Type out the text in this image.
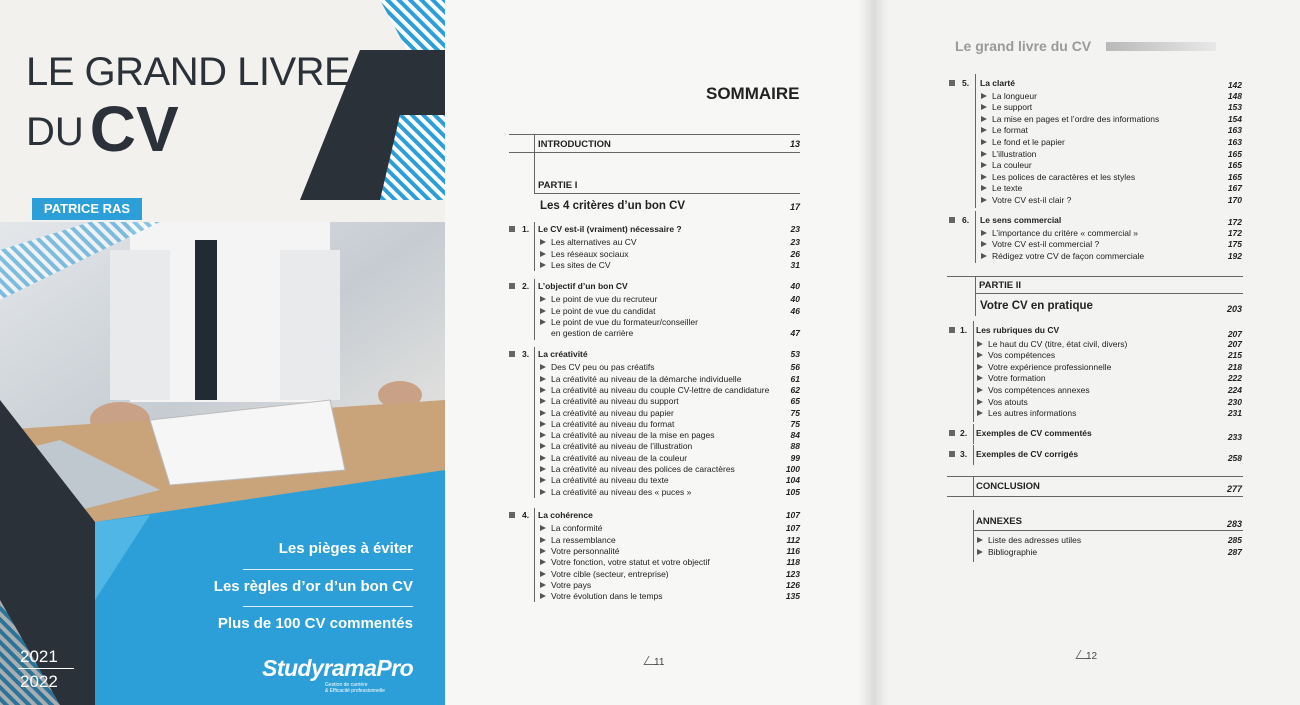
LE GRAND LIVRE
DUCV
PATRICE RAS
Les pièges à éviter
Les règles d’or d’un bon CV
Plus de 100 CV commentés
2021
2022
StudyramaPro
Gestion de carrière
& Efficacité professionnelle
SOMMAIRE
INTRODUCTION	13
PARTIE I
Les 4 critères d’un bon CV	17
1. Le CV est-il (vraiment) nécessaire ?	23
Les alternatives au CV	23
Les réseaux sociaux	26
Les sites de CV	31
2. L’objectif d’un bon CV	40
Le point de vue du recruteur	40
Le point de vue du candidat	46
Le point de vue du formateur/conseiller
en gestion de carrière	47
3. La créativité	53
Des CV peu ou pas créatifs	56
La créativité au niveau de la démarche individuelle	61
La créativité au niveau du couple CV-lettre de candidature	62
La créativité au niveau du support	65
La créativité au niveau du papier	75
La créativité au niveau du format	75
La créativité au niveau de la mise en pages	84
La créativité au niveau de l’illustration	88
La créativité au niveau de la couleur	99
La créativité au niveau des polices de caractères	100
La créativité au niveau du texte	104
La créativité au niveau des « puces »	105
4. La cohérence	107
La conformité	107
La ressemblance	112
Votre personnalité	116
Votre fonction, votre statut et votre objectif	118
Votre cible (secteur, entreprise)	123
Votre pays	126
Votre évolution dans le temps	135
Le grand livre du CV
5. La clarté	142
La longueur	148
Le support	153
La mise en pages et l’ordre des informations	154
Le format	163
Le fond et le papier	163
L’illustration	165
La couleur	165
Les polices de caractères et les styles	165
Le texte	167
Votre CV est-il clair ?	170
6. Le sens commercial	172
L’importance du critère « commercial »	172
Votre CV est-il commercial ?	175
Rédigez votre CV de façon commerciale	192
PARTIE II
Votre CV en pratique	203
1. Les rubriques du CV	207
Le haut du CV (titre, état civil, divers)	207
Vos compétences	215
Votre expérience professionnelle	218
Votre formation	222
Vos compétences annexes	224
Vos atouts	230
Les autres informations	231
2. Exemples de CV commentés	233
3. Exemples de CV corrigés	258
CONCLUSION	277
ANNEXES	283
Liste des adresses utiles	285
Bibliographie	287
11
12
